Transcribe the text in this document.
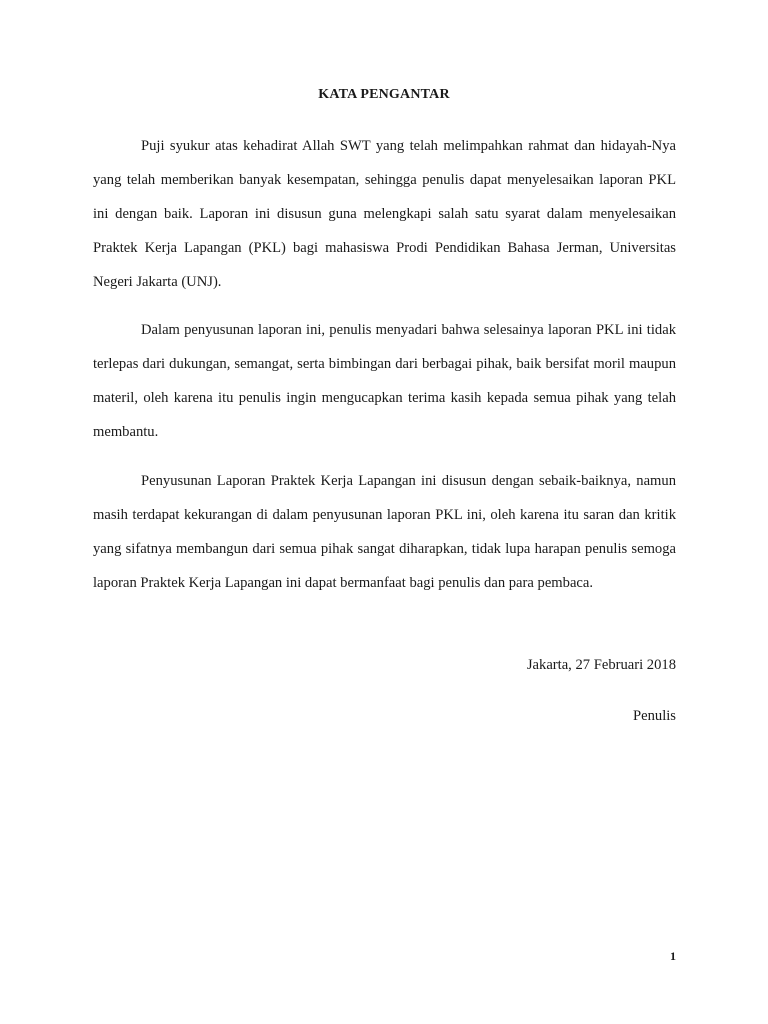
KATA PENGANTAR

Puji syukur atas kehadirat Allah SWT yang telah melimpahkan rahmat dan hidayah-Nya yang telah memberikan banyak kesempatan, sehingga penulis dapat menyelesaikan laporan PKL ini dengan baik. Laporan ini disusun guna melengkapi salah satu syarat dalam menyelesaikan Praktek Kerja Lapangan (PKL) bagi mahasiswa Prodi Pendidikan Bahasa Jerman, Universitas Negeri Jakarta (UNJ).

Dalam penyusunan laporan ini, penulis menyadari bahwa selesainya laporan PKL ini tidak terlepas dari dukungan, semangat, serta bimbingan dari berbagai pihak, baik bersifat moril maupun materil, oleh karena itu penulis ingin mengucapkan terima kasih kepada semua pihak yang telah membantu.

Penyusunan Laporan Praktek Kerja Lapangan ini disusun dengan sebaik-baiknya, namun masih terdapat kekurangan di dalam penyusunan laporan PKL ini, oleh karena itu saran dan kritik yang sifatnya membangun dari semua pihak sangat diharapkan, tidak lupa harapan penulis semoga laporan Praktek Kerja Lapangan ini dapat bermanfaat bagi penulis dan para pembaca.

Jakarta, 27 Februari 2018
Penulis
1
